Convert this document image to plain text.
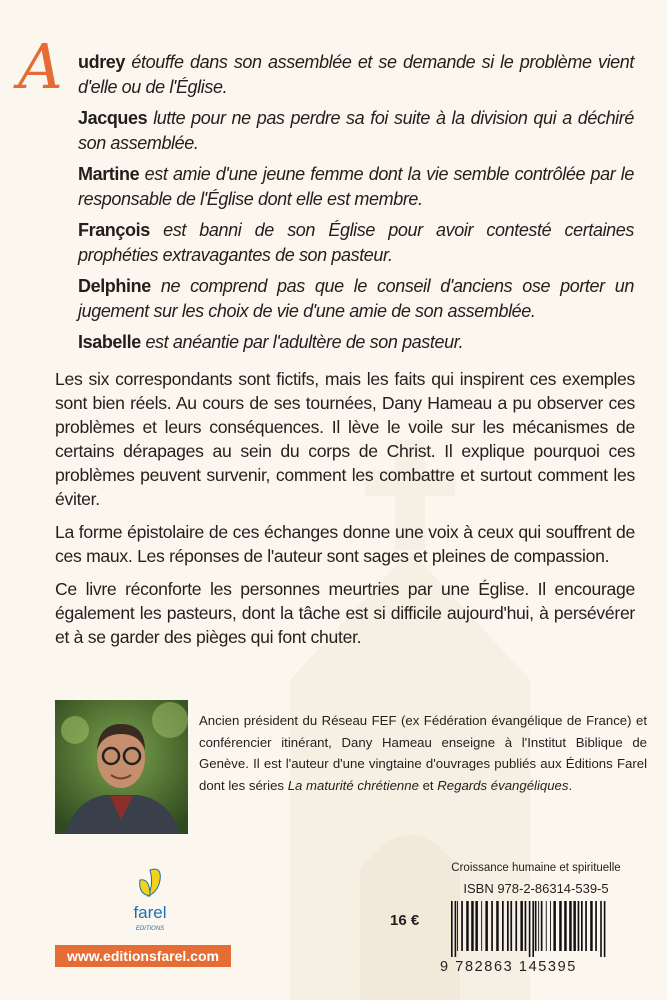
A udrey étouffe dans son assemblée et se demande si le problème vient d'elle ou de l'Église.
Jacques lutte pour ne pas perdre sa foi suite à la division qui a déchiré son assemblée.
Martine est amie d'une jeune femme dont la vie semble contrôlée par le responsable de l'Église dont elle est membre.
François est banni de son Église pour avoir contesté certaines prophéties extravagantes de son pasteur.
Delphine ne comprend pas que le conseil d'anciens ose porter un jugement sur les choix de vie d'une amie de son assemblée.
Isabelle est anéantie par l'adultère de son pasteur.

Les six correspondants sont fictifs, mais les faits qui inspirent ces exemples sont bien réels. Au cours de ses tournées, Dany Hameau a pu observer ces problèmes et leurs conséquences. Il lève le voile sur les mécanismes de certains dérapages au sein du corps de Christ. Il explique pourquoi ces problèmes peuvent survenir, comment les combattre et surtout comment les éviter.

La forme épistolaire de ces échanges donne une voix à ceux qui souffrent de ces maux. Les réponses de l'auteur sont sages et pleines de compassion.

Ce livre réconforte les personnes meurtries par une Église. Il encourage également les pasteurs, dont la tâche est si difficile aujourd'hui, à persévérer et à se garder des pièges qui font chuter.

Ancien président du Réseau FEF (ex Fédération évangélique de France) et conférencier itinérant, Dany Hameau enseigne à l'Institut Biblique de Genève. Il est l'auteur d'une vingtaine d'ouvrages publiés aux Éditions Farel dont les séries La maturité chrétienne et Regards évangéliques.
farel
EDITIONS
www.editionsfarel.com
16 €
Croissance humaine et spirituelle
ISBN 978-2-86314-539-5
9 782863 145395
